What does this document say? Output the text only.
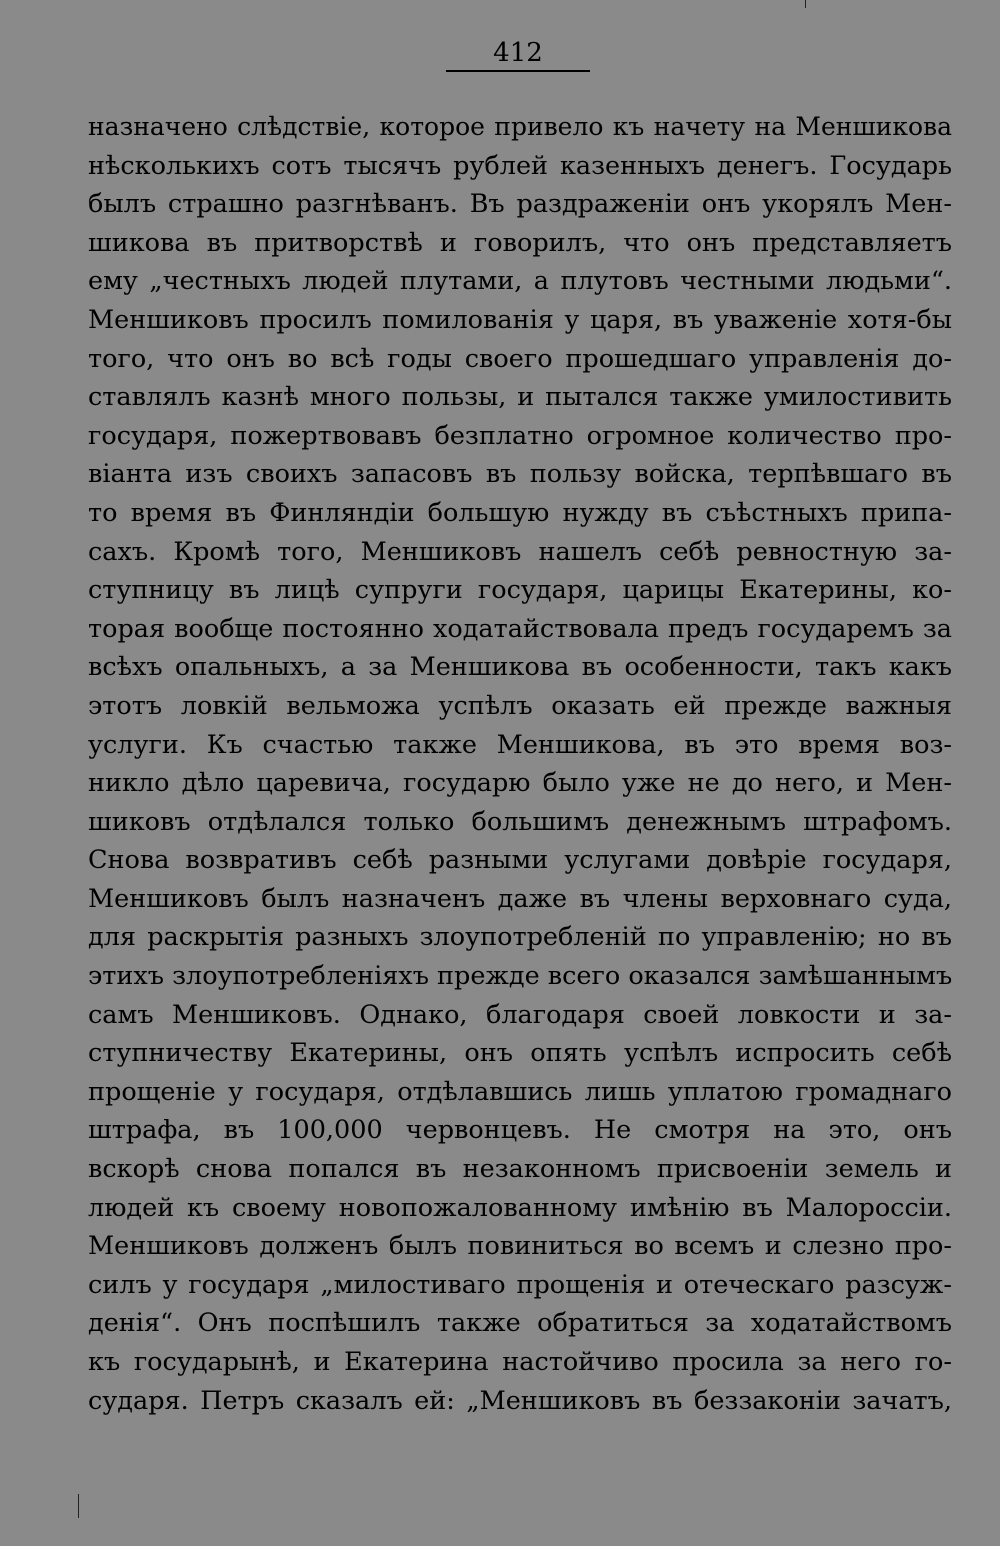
412
назначено слѣдствіе, которое привело къ начету на Меншикова
нѣсколькихъ сотъ тысячъ рублей казенныхъ денегъ. Государь
былъ страшно разгнѣванъ. Въ раздраженіи онъ укорялъ Мен-
шикова въ притворствѣ и говорилъ, что онъ представляетъ
ему „честныхъ людей плутами, а плутовъ честными людьми“.
Меншиковъ просилъ помилованія у царя, въ уваженіе хотя-бы
того, что онъ во всѣ годы своего прошедшаго управленія до-
ставлялъ казнѣ много пользы, и пытался также умилостивить
государя, пожертвовавъ безплатно огромное количество про-
віанта изъ своихъ запасовъ въ пользу войска, терпѣвшаго въ
то время въ Финляндіи большую нужду въ съѣстныхъ припа-
сахъ. Кромѣ того, Меншиковъ нашелъ себѣ ревностную за-
ступницу въ лицѣ супруги государя, царицы Екатерины, ко-
торая вообще постоянно ходатайствовала предъ государемъ за
всѣхъ опальныхъ, а за Меншикова въ особенности, такъ какъ
этотъ ловкій вельможа успѣлъ оказать ей прежде важныя
услуги. Къ счастью также Меншикова, въ это время воз-
никло дѣло царевича, государю было уже не до него, и Мен-
шиковъ отдѣлался только большимъ денежнымъ штрафомъ.
Снова возвративъ себѣ разными услугами довѣріе государя,
Меншиковъ былъ назначенъ даже въ члены верховнаго суда,
для раскрытія разныхъ злоупотребленій по управленію; но въ
этихъ злоупотребленіяхъ прежде всего оказался замѣшаннымъ
самъ Меншиковъ. Однако, благодаря своей ловкости и за-
ступничеству Екатерины, онъ опять успѣлъ испросить себѣ
прощеніе у государя, отдѣлавшись лишь уплатою громаднаго
штрафа, въ 100,000 червонцевъ. Не смотря на это, онъ
вскорѣ снова попался въ незаконномъ присвоеніи земель и
людей къ своему новопожалованному имѣнію въ Малороссіи.
Меншиковъ долженъ былъ повиниться во всемъ и слезно про-
силъ у государя „милостиваго прощенія и отеческаго разсуж-
денія“. Онъ поспѣшилъ также обратиться за ходатайствомъ
къ государынѣ, и Екатерина настойчиво просила за него го-
сударя. Петръ сказалъ ей: „Меншиковъ въ беззаконіи зачатъ,
